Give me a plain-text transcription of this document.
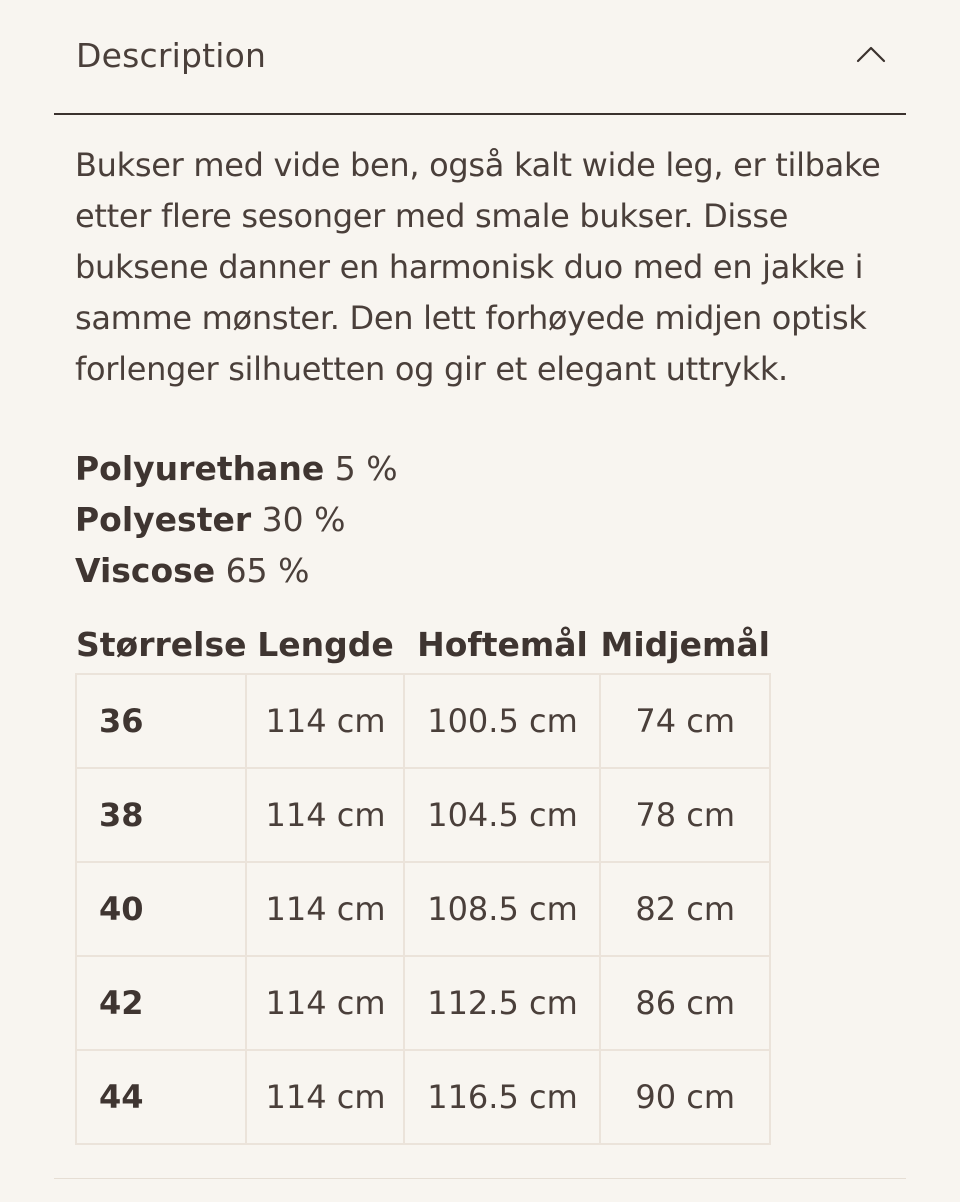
Description

Bukser med vide ben, også kalt wide leg, er tilbake etter flere sesonger med smale bukser. Disse buksene danner en harmonisk duo med en jakke i samme mønster. Den lett forhøyede midjen optisk forlenger silhuetten og gir et elegant uttrykk.

Polyurethane 5 %
Polyester 30 %
Viscose 65 %
Størrelse	Lengde	Hoftemål	Midjemål
36	114 cm	100.5 cm	74 cm
38	114 cm	104.5 cm	78 cm
40	114 cm	108.5 cm	82 cm
42	114 cm	112.5 cm	86 cm
44	114 cm	116.5 cm	90 cm
